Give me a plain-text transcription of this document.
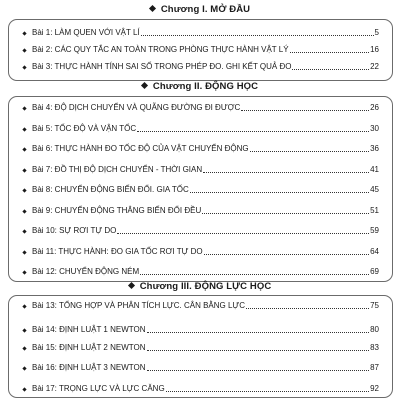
Chương I. MỞ ĐẦU
Bài 1: LÀM QUEN VỚI VẬT LÍ	5
Bài 2: CÁC QUY TẮC AN TOÀN TRONG PHÒNG THỰC HÀNH VẬT LÝ	16
Bài 3: THỰC HÀNH TÍNH SAI SỐ TRONG PHÉP ĐO. GHI KẾT QUẢ ĐO	22
Chương II. ĐỘNG HỌC
Bài 4: ĐỘ DỊCH CHUYỂN VÀ QUÃNG ĐƯỜNG ĐI ĐƯỢC	26
Bài 5: TỐC ĐỘ VÀ VẬN TỐC	30
Bài 6: THỰC HÀNH ĐO TỐC ĐỘ CỦA VẬT CHUYỂN ĐỘNG	36
Bài 7: ĐỒ THỊ ĐỘ DỊCH CHUYỂN - THỜI GIAN	41
Bài 8: CHUYỂN ĐỘNG BIẾN ĐỔI. GIA TỐC	45
Bài 9: CHUYỂN ĐỘNG THẲNG BIẾN ĐỔI ĐỀU	51
Bài 10: SỰ RƠI TỰ DO	59
Bài 11: THỰC HÀNH: ĐO GIA TỐC RƠI TỰ DO	64
Bài 12: CHUYỂN ĐỘNG NÉM	69
Chương III. ĐỘNG LỰC HỌC
Bài 13: TỔNG HỢP VÀ PHÂN TÍCH LỰC. CÂN BẰNG LỰC	75
Bài 14: ĐỊNH LUẬT 1 NEWTON	80
Bài 15: ĐỊNH LUẬT 2 NEWTON	83
Bài 16: ĐỊNH LUẬT 3 NEWTON	87
Bài 17: TRỌNG LỰC VÀ LỰC CĂNG	92
